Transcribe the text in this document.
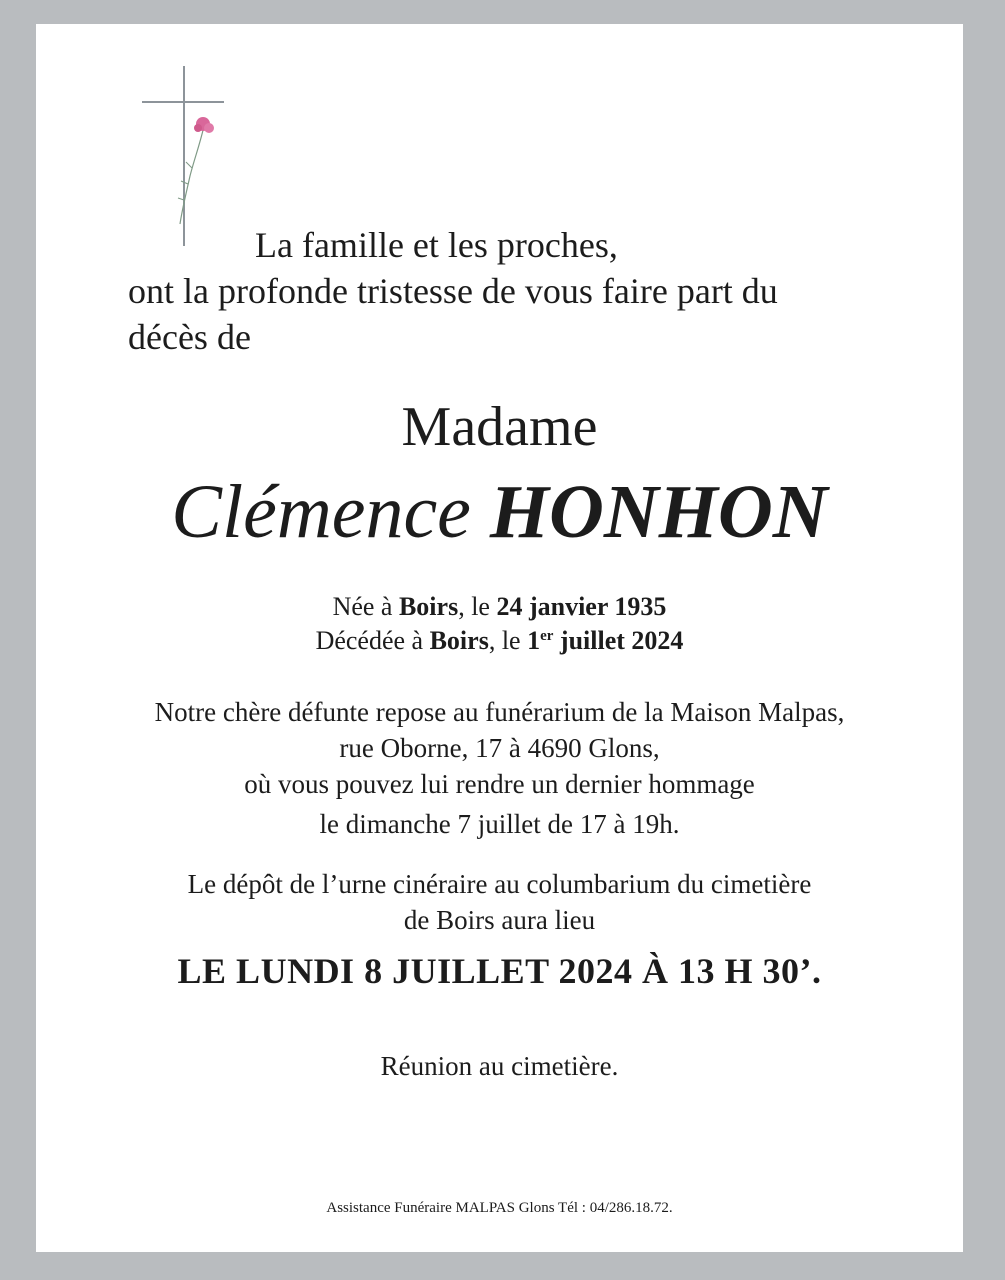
La famille et les proches,
ont la profonde tristesse de vous faire part du
décès de
Madame
Clémence HONHON
Née à Boirs, le 24 janvier 1935
Décédée à Boirs, le 1er juillet 2024
Notre chère défunte repose au funérarium de la Maison Malpas,
rue Oborne, 17 à 4690 Glons,
où vous pouvez lui rendre un dernier hommage
le dimanche 7 juillet de 17 à 19h.
Le dépôt de l’urne cinéraire au columbarium du cimetière
de Boirs aura lieu
LE LUNDI 8 JUILLET 2024 À 13 H 30’.
Réunion au cimetière.
Assistance Funéraire MALPAS Glons Tél : 04/286.18.72.
